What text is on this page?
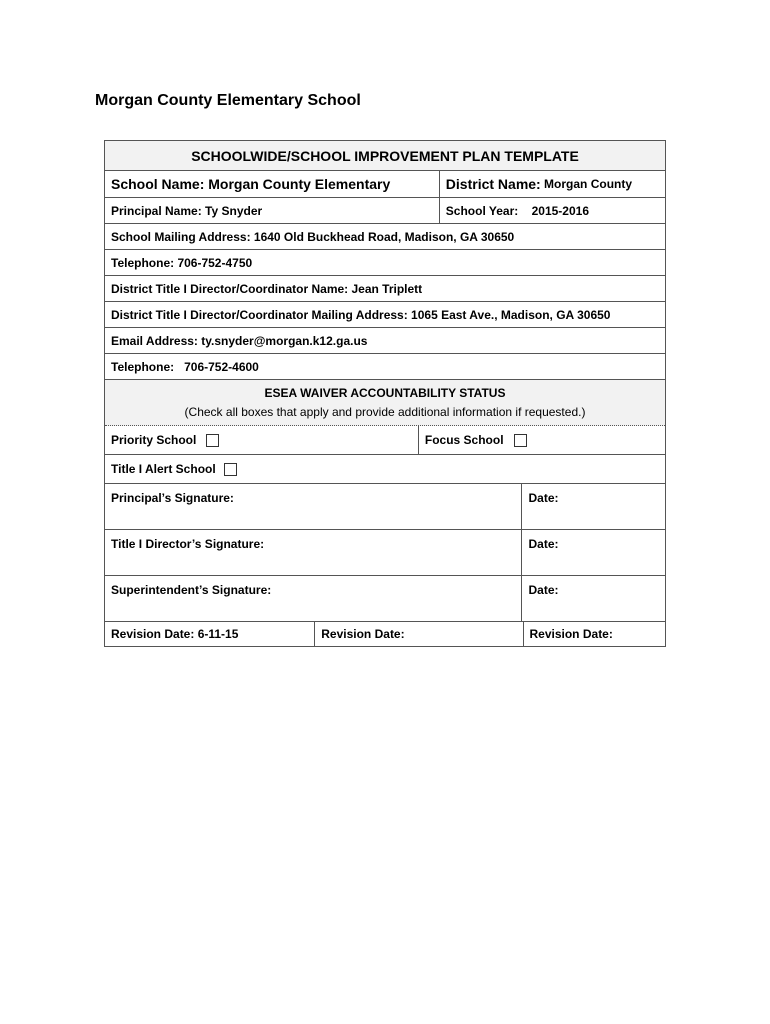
Morgan County Elementary School
SCHOOLWIDE/SCHOOL IMPROVEMENT PLAN TEMPLATE
School Name: Morgan County Elementary	District Name: Morgan County
Principal Name: Ty Snyder	School Year:    2015-2016
School Mailing Address: 1640 Old Buckhead Road, Madison, GA 30650
Telephone: 706-752-4750
District Title I Director/Coordinator Name: Jean Triplett
District Title I Director/Coordinator Mailing Address: 1065 East Ave., Madison, GA 30650
Email Address: ty.snyder@morgan.k12.ga.us
Telephone:   706-752-4600
ESEA WAIVER ACCOUNTABILITY STATUS
(Check all boxes that apply and provide additional information if requested.)
Priority School	Focus School
Title I Alert School
Principal’s Signature:	Date:
Title I Director’s Signature:	Date:
Superintendent’s Signature:	Date:
Revision Date: 6-11-15	Revision Date:	Revision Date:
